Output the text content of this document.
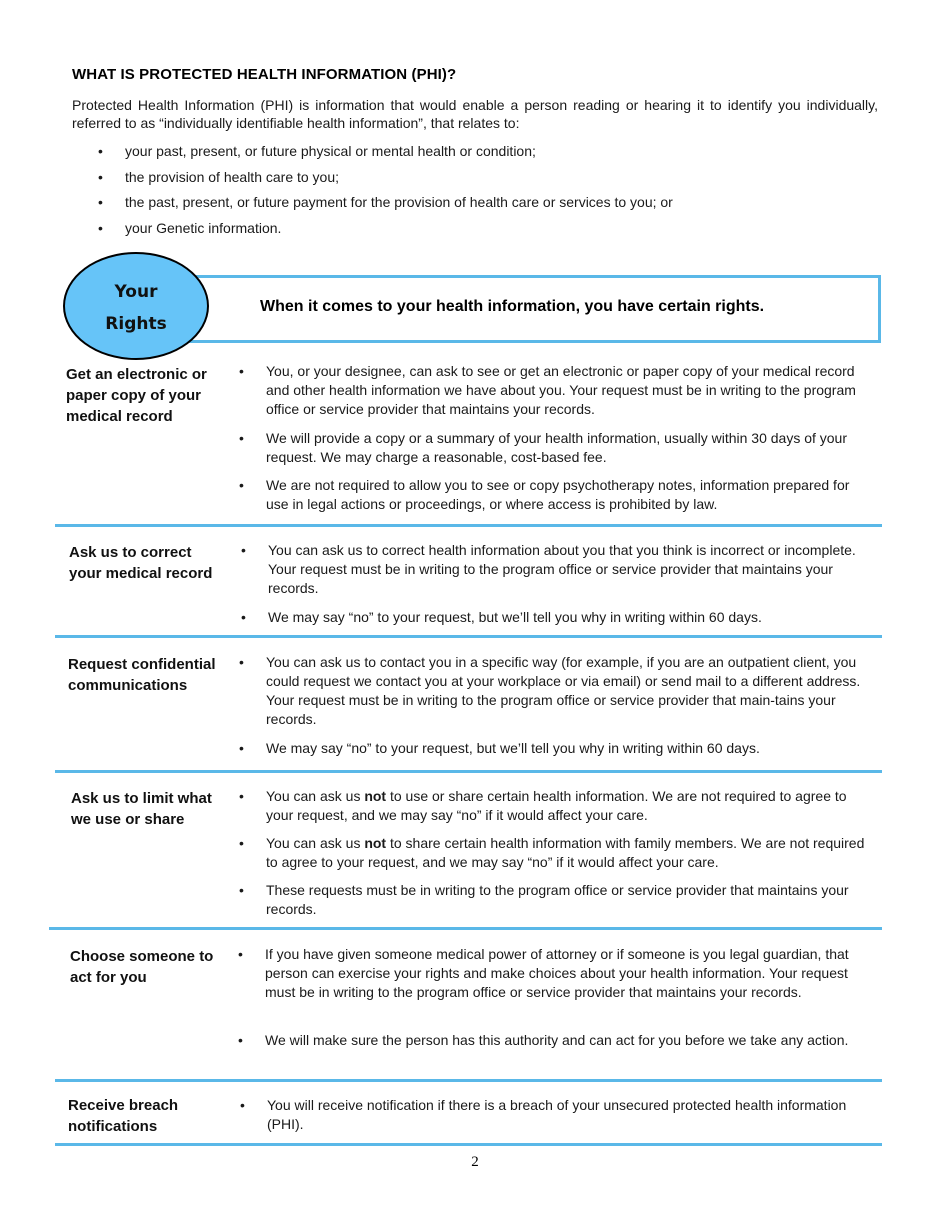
WHAT IS PROTECTED HEALTH INFORMATION (PHI)?
Protected Health Information (PHI) is information that would enable a person reading or hearing it to identify you individually, referred to as “individually identifiable health information”, that relates to:
• your past, present, or future physical or mental health or condition;
• the provision of health care to you;
• the past, present, or future payment for the provision of health care or services to you; or
• your Genetic information.
When it comes to your health information, you have certain rights.
Your
Rights
Get an electronic or paper copy of your medical record
• You, or your designee, can ask to see or get an electronic or paper copy of your medical record and other health information we have about you. Your request must be in writing to the program office or service provider that maintains your records.
• We will provide a copy or a summary of your health information, usually within 30 days of your request. We may charge a reasonable, cost-based fee.
• We are not required to allow you to see or copy psychotherapy notes, information prepared for use in legal actions or proceedings, or where access is prohibited by law.
Ask us to correct your medical record
• You can ask us to correct health information about you that you think is incorrect or incomplete. Your request must be in writing to the program office or service provider that maintains your records.
• We may say “no” to your request, but we’ll tell you why in writing within 60 days.
Request confidential communications
• You can ask us to contact you in a specific way (for example, if you are an outpatient client, you could request we contact you at your workplace or via email) or send mail to a different address. Your request must be in writing to the program office or service provider that main-tains your records.
• We may say “no” to your request, but we’ll tell you why in writing within 60 days.
Ask us to limit what we use or share
• You can ask us not to use or share certain health information. We are not required to agree to your request, and we may say “no” if it would affect your care.
• You can ask us not to share certain health information with family members. We are not required to agree to your request, and we may say “no” if it would affect your care.
• These requests must be in writing to the program office or service provider that maintains your records.
Choose someone to act for you
• If you have given someone medical power of attorney or if someone is you legal guardian, that person can exercise your rights and make choices about your health information. Your request must be in writing to the program office or service provider that maintains your records.
• We will make sure the person has this authority and can act for you before we take any action.
Receive breach notifications
• You will receive notification if there is a breach of your unsecured protected health information (PHI).
2
